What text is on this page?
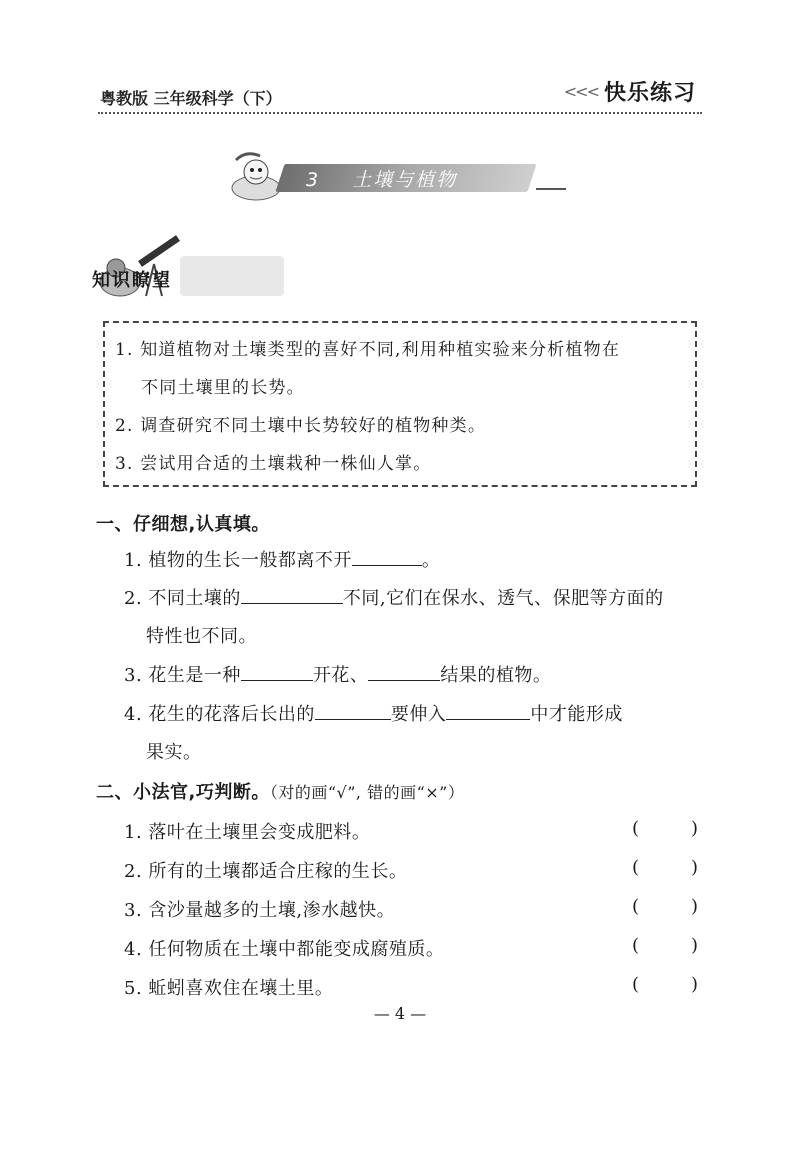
粤教版 三年级科学（下）	<<< 快乐练习
3    土壤与植物
知识瞭望
1. 知道植物对土壤类型的喜好不同,利用种植实验来分析植物在
不同土壤里的长势。
2. 调查研究不同土壤中长势较好的植物种类。
3. 尝试用合适的土壤栽种一株仙人掌。
一、仔细想,认真填。
1. 植物的生长一般都离不开	。
2. 不同土壤的	不同,它们在保水、透气、保肥等方面的
特性也不同。
3. 花生是一种	开花、	结果的植物。
4. 花生的花落后长出的	要伸入	中才能形成
果实。
二、小法官,巧判断。（对的画“√”, 错的画“×”）
1. 落叶在土壤里会变成肥料。	(	)
2. 所有的土壤都适合庄稼的生长。	(	)
3. 含沙量越多的土壤,渗水越快。	(	)
4. 任何物质在土壤中都能变成腐殖质。	(	)
5. 蚯蚓喜欢住在壤土里。	(	)
— 4 —
